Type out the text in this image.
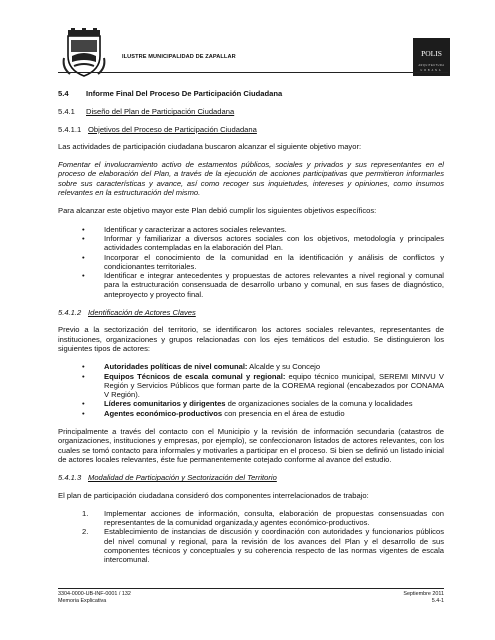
ILUSTRE MUNICIPALIDAD DE ZAPALLAR	POLIS
ARQUITECTURA
URBANA
5.4 Informe Final Del Proceso De Participación Ciudadana
5.4.1 Diseño del Plan de Participación Ciudadana
5.4.1.1 Objetivos del Proceso de Participación Ciudadana

Las actividades de participación ciudadana buscaron alcanzar el siguiente objetivo mayor:

Fomentar el involucramiento activo de estamentos públicos, sociales y privados y sus representantes en el proceso de elaboración del Plan, a través de la ejecución de acciones participativas que permitieron informarles sobre sus características y avance, así como recoger sus inquietudes, intereses y opiniones, como insumos relevantes en la estructuración del mismo.

Para alcanzar este objetivo mayor este Plan debió cumplir los siguientes objetivos específicos:

•	Identificar y caracterizar a actores sociales relevantes.
•	Informar y familiarizar a diversos actores sociales con los objetivos, metodología y principales actividades contempladas en la elaboración del Plan.
•	Incorporar el conocimiento de la comunidad en la identificación y análisis de conflictos y condicionantes territoriales.
•	Identificar e integrar antecedentes y propuestas de actores relevantes a nivel regional y comunal para la estructuración consensuada de desarrollo urbano y comunal, en sus fases de diagnóstico, anteproyecto y proyecto final.
5.4.1.2 Identificación de Actores Claves

Previo a la sectorización del territorio, se identificaron los actores sociales relevantes, representantes de instituciones, organizaciones y grupos relacionadas con los ejes temáticos del estudio. Se distinguieron los siguientes tipos de actores:

•	Autoridades políticas de nivel comunal: Alcalde y su Concejo
•	Equipos Técnicos de escala comunal y regional: equipo técnico municipal, SEREMI MINVU V Región y Servicios Públicos que forman parte de la COREMA regional (encabezados por CONAMA V Región).
•	Líderes comunitarios y dirigentes de organizaciones sociales de la comuna y localidades
•	Agentes económico-productivos con presencia en el área de estudio

Principalmente a través del contacto con el Municipio y la revisión de información secundaria (catastros de organizaciones, instituciones y empresas, por ejemplo), se confeccionaron listados de actores relevantes, con los cuales se tomó contacto para informales y motivarles a participar en el proceso. Si bien se definió un listado inicial de actores locales relevantes, éste fue permanentemente cotejado conforme al avance del estudio.

5.4.1.3 Modalidad de Participación y Sectorización del Territorio

El plan de participación ciudadana consideró dos componentes interrelacionados de trabajo:

1. Implementar acciones de información, consulta, elaboración de propuestas consensuadas con representantes de la comunidad organizada,y agentes económico-productivos.
2. Establecimiento de instancias de discusión y coordinación con autoridades y funcionarios públicos del nivel comunal y regional, para la revisión de los avances del Plan y el desarrollo de sus componentes técnicos y conceptuales y su coherencia respecto de las normas vigentes de escala intercomunal.
3304-0000-UB-INF-0001 / 132	Septiembre 2011
Memoria Explicativa	5.4-1
